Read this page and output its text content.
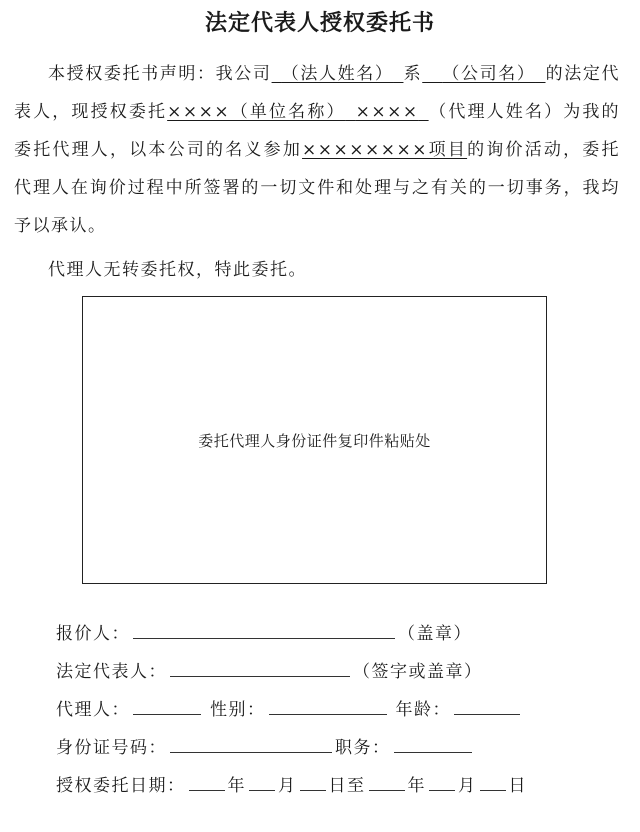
法定代表人授权委托书
本授权委托书声明：我公司  （法人姓名）  系   （公司名）  的法定代表人，现授权委托××××（单位名称）  ××××  （代理人姓名）为我的委托代理人，以本公司的名义参加××××××××项目的询价活动，委托代理人在询价过程中所签署的一切文件和处理与之有关的一切事务，我均予以承认。
代理人无转委托权，特此委托。
委托代理人身份证件复印件粘贴处
报价人：	（盖章）
法定代表人：	（签字或盖章）
代理人：	性别：	年龄：
身份证号码：	职务：
授权委托日期： 年 月 日至 年 月 日
